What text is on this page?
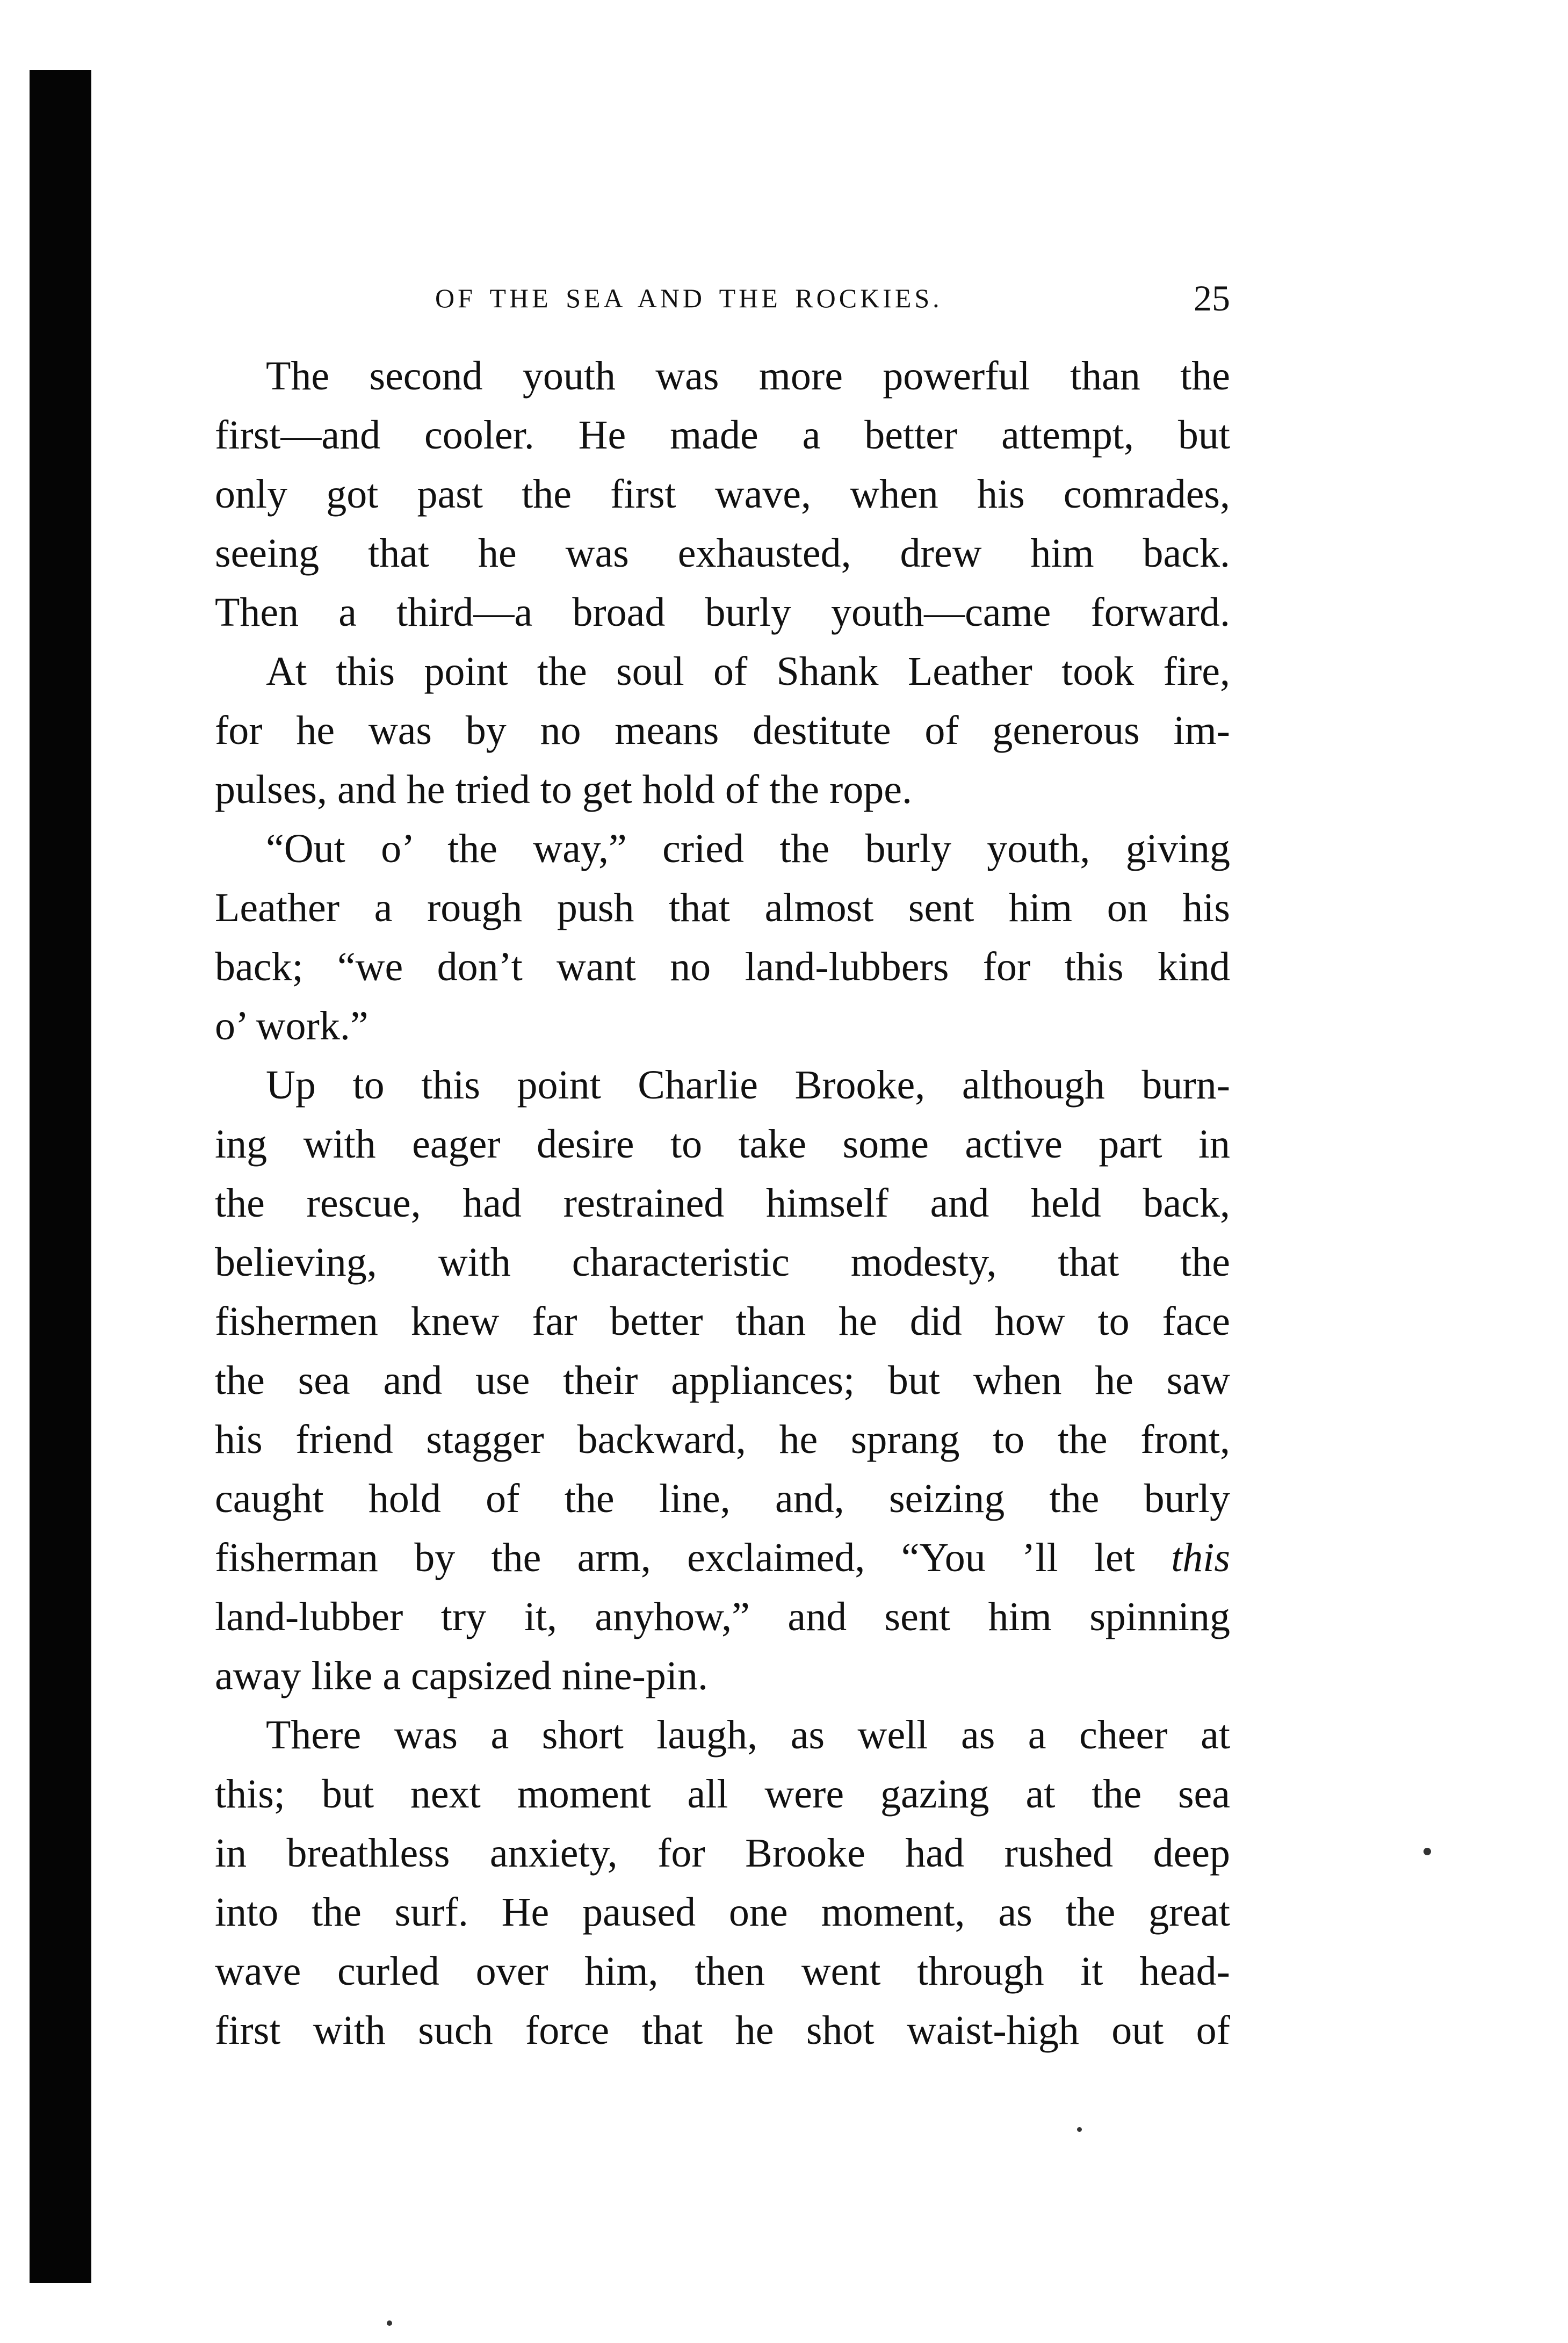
OF THE SEA AND THE ROCKIES.	25
The second youth was more powerful than the
first—and cooler. He made a better attempt, but
only got past the first wave, when his comrades,
seeing that he was exhausted, drew him back.
Then a third—a broad burly youth—came forward.
At this point the soul of Shank Leather took fire,
for he was by no means destitute of generous im-
pulses, and he tried to get hold of the rope.
“Out o’ the way,” cried the burly youth, giving
Leather a rough push that almost sent him on his
back; “we don’t want no land-lubbers for this kind
o’ work.”
Up to this point Charlie Brooke, although burn-
ing with eager desire to take some active part in
the rescue, had restrained himself and held back,
believing, with characteristic modesty, that the
fishermen knew far better than he did how to face
the sea and use their appliances; but when he saw
his friend stagger backward, he sprang to the front,
caught hold of the line, and, seizing the burly
fisherman by the arm, exclaimed, “You ’ll let this
land-lubber try it, anyhow,” and sent him spinning
away like a capsized nine-pin.
There was a short laugh, as well as a cheer at
this; but next moment all were gazing at the sea
in breathless anxiety, for Brooke had rushed deep
into the surf. He paused one moment, as the great
wave curled over him, then went through it head-
first with such force that he shot waist-high out of
